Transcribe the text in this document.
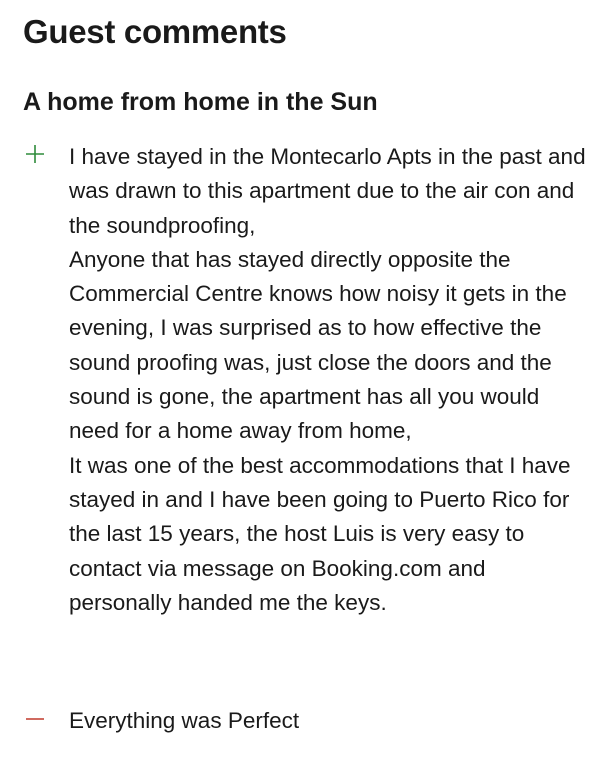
Guest comments
A home from home in the Sun

I have stayed in the Montecarlo Apts in the past and was drawn to this apartment due to the air con and the soundproofing,

Anyone that has stayed directly opposite the Commercial Centre knows how noisy it gets in the evening, I was surprised as to how effective the sound proofing was, just close the doors and the sound is gone, the apartment has all you would need for a home away from home,

It was one of the best accommodations that I have stayed in and I have been going to Puerto Rico for the last 15 years, the host Luis is very easy to contact via message on Booking.com and personally handed me the keys.

Everything was Perfect
